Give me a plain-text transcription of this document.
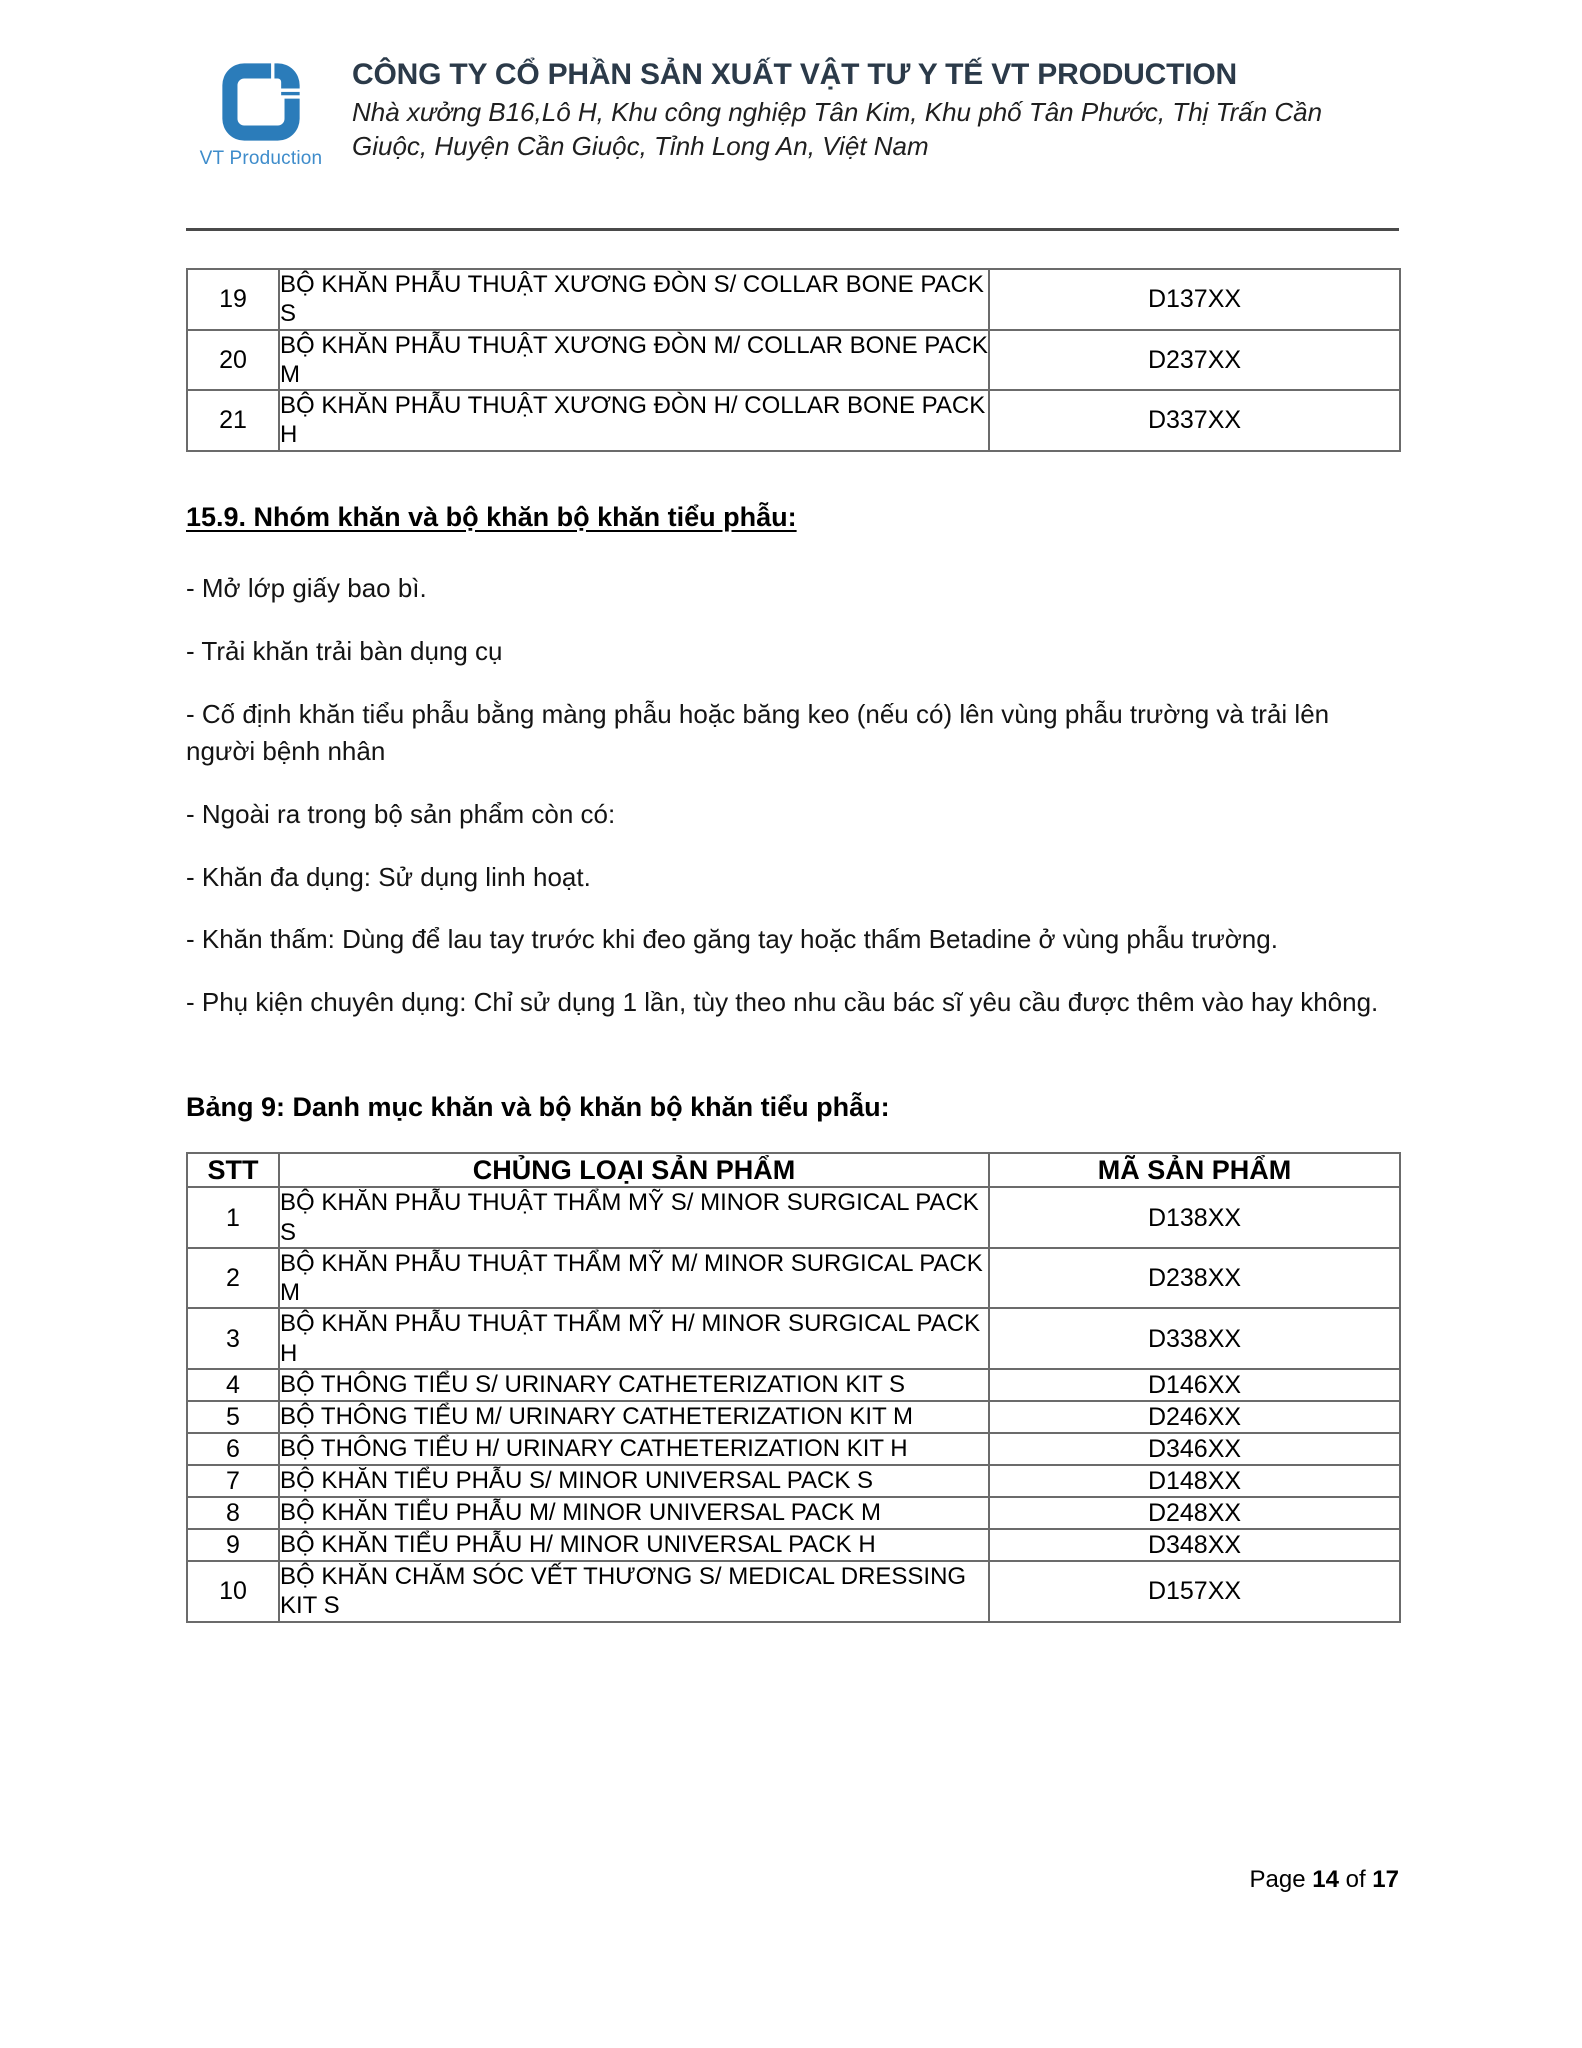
VT Production
CÔNG TY CỔ PHẦN SẢN XUẤT VẬT TƯ Y TẾ VT PRODUCTION
Nhà xưởng B16,Lô H, Khu công nghiệp Tân Kim, Khu phố Tân Phước, Thị Trấn Cần Giuộc, Huyện Cần Giuộc, Tỉnh Long An, Việt Nam
19	BỘ KHĂN PHẪU THUẬT XƯƠNG ĐÒN S/ COLLAR BONE PACK S	D137XX
20	BỘ KHĂN PHẪU THUẬT XƯƠNG ĐÒN M/ COLLAR BONE PACK M	D237XX
21	BỘ KHĂN PHẪU THUẬT XƯƠNG ĐÒN H/ COLLAR BONE PACK H	D337XX
15.9. Nhóm khăn và bộ khăn bộ khăn tiểu phẫu:

- Mở lớp giấy bao bì.

- Trải khăn trải bàn dụng cụ

- Cố định khăn tiểu phẫu bằng màng phẫu hoặc băng keo (nếu có) lên vùng phẫu trường và trải lên người bệnh nhân

- Ngoài ra trong bộ sản phẩm còn có:

- Khăn đa dụng: Sử dụng linh hoạt.

- Khăn thấm: Dùng để lau tay trước khi đeo găng tay hoặc thấm Betadine ở vùng phẫu trường.

- Phụ kiện chuyên dụng: Chỉ sử dụng 1 lần, tùy theo nhu cầu bác sĩ yêu cầu được thêm vào hay không.

Bảng 9: Danh mục khăn và bộ khăn bộ khăn tiểu phẫu:
STT	CHỦNG LOẠI SẢN PHẨM	MÃ SẢN PHẨM
1	BỘ KHĂN PHẪU THUẬT THẨM MỸ S/ MINOR SURGICAL PACK S	D138XX
2	BỘ KHĂN PHẪU THUẬT THẨM MỸ M/ MINOR SURGICAL PACK M	D238XX
3	BỘ KHĂN PHẪU THUẬT THẨM MỸ H/ MINOR SURGICAL PACK H	D338XX
4	BỘ THÔNG TIỂU S/ URINARY CATHETERIZATION KIT S	D146XX
5	BỘ THÔNG TIỂU M/ URINARY CATHETERIZATION KIT M	D246XX
6	BỘ THÔNG TIỂU H/ URINARY CATHETERIZATION KIT H	D346XX
7	BỘ KHĂN TIỂU PHẪU S/ MINOR UNIVERSAL PACK S	D148XX
8	BỘ KHĂN TIỂU PHẪU M/ MINOR UNIVERSAL PACK M	D248XX
9	BỘ KHĂN TIỂU PHẪU H/ MINOR UNIVERSAL PACK H	D348XX
10	BỘ KHĂN CHĂM SÓC VẾT THƯƠNG S/ MEDICAL DRESSING KIT S	D157XX
Page 14 of 17
